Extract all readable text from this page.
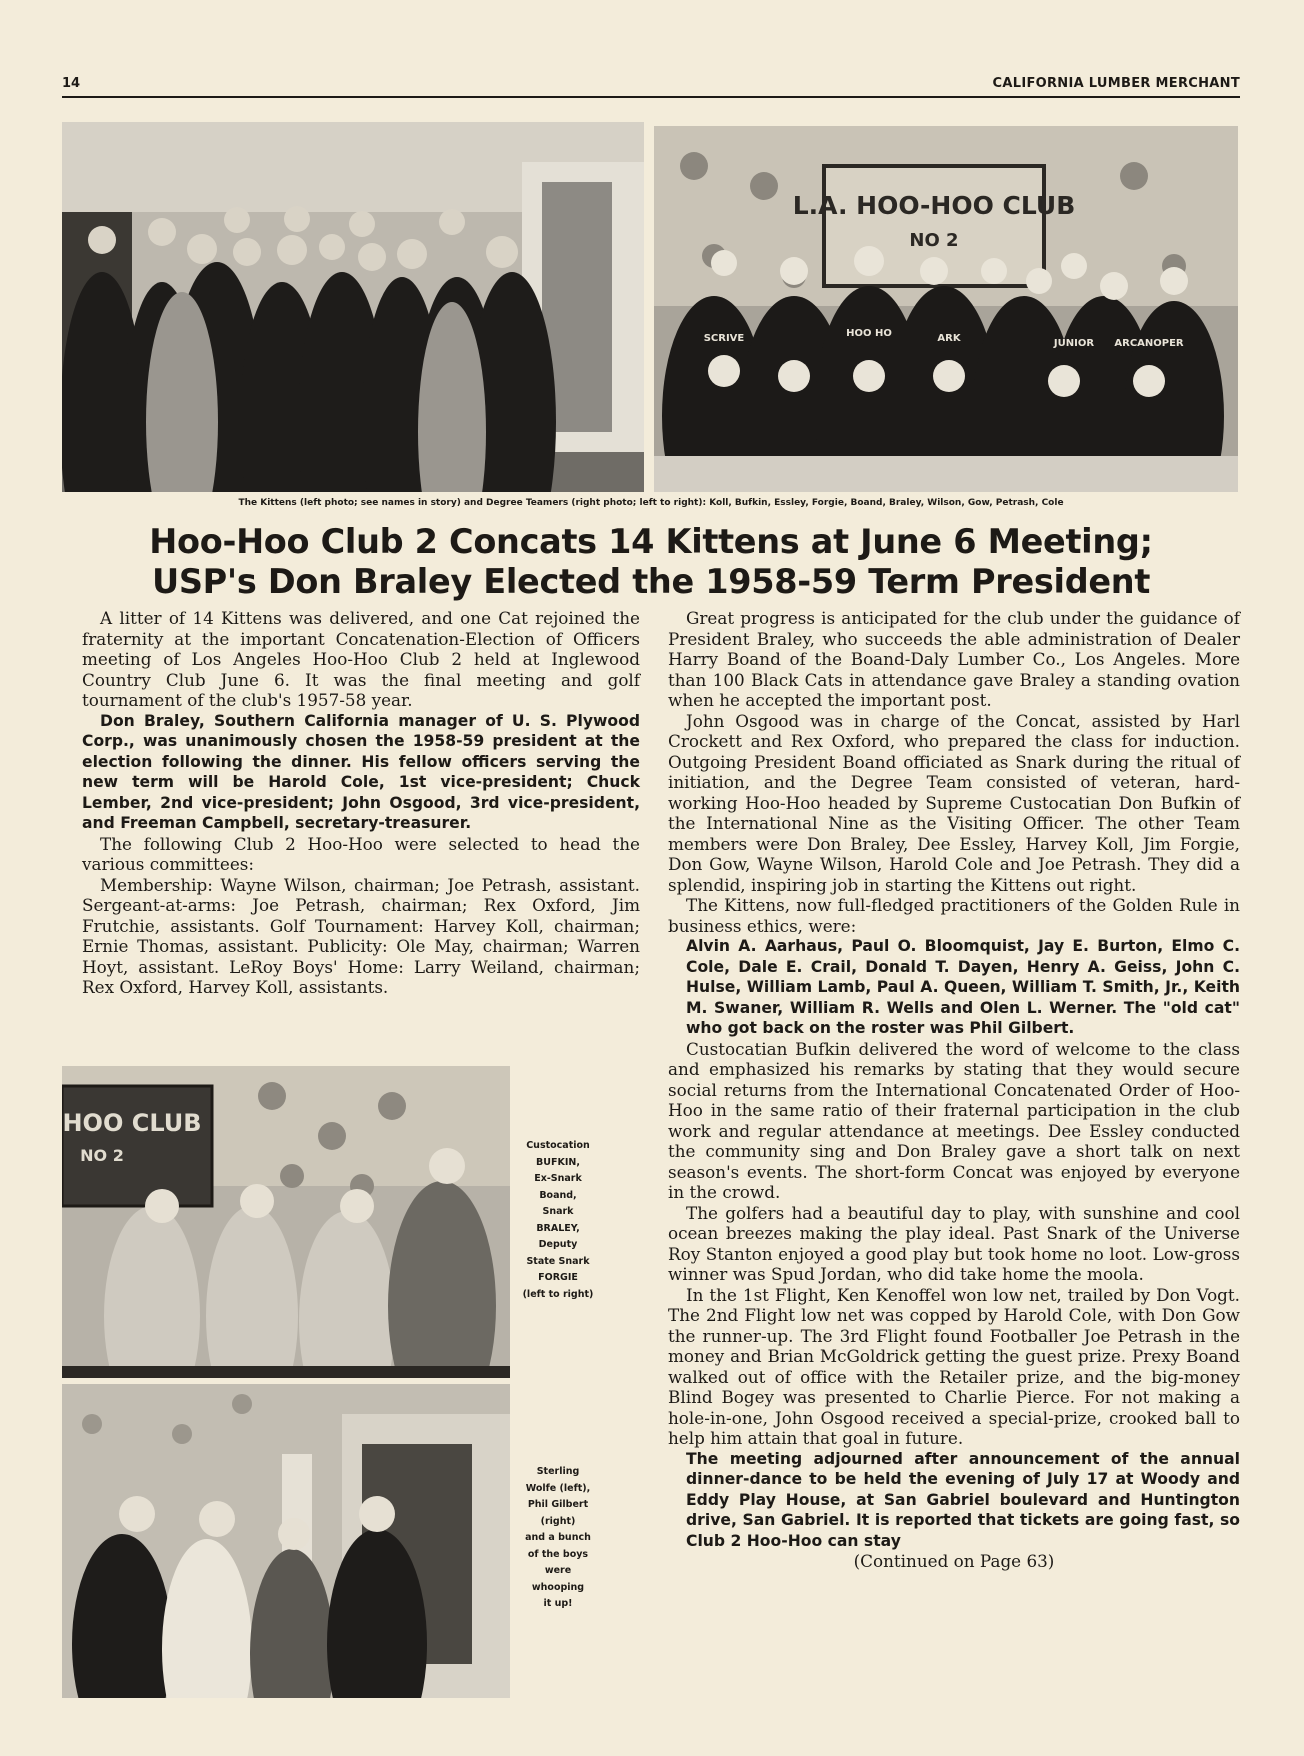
14	CALIFORNIA LUMBER MERCHANT
L.A. HOO-HOO CLUB
NO 2
SCRIVE	HOO HO	ARK	JUNIOR ARCANOPER
The Kittens (left photo; see names in story) and Degree Teamers (right photo; left to right): Koll, Bufkin, Essley, Forgie, Boand, Braley, Wilson, Gow, Petrash, Cole
Hoo-Hoo Club 2 Concats 14 Kittens at June 6 Meeting;
USP's Don Braley Elected the 1958-59 Term President

A litter of 14 Kittens was delivered, and one Cat rejoined the fraternity at the important Concatenation-Election of Officers meeting of Los Angeles Hoo-Hoo Club 2 held at Inglewood Country Club June 6. It was the final meeting and golf tournament of the club's 1957-58 year.

Don Braley, Southern California manager of U. S. Plywood Corp., was unanimously chosen the 1958-59 president at the election following the dinner. His fellow officers serving the new term will be Harold Cole, 1st vice-president; Chuck Lember, 2nd vice-president; John Osgood, 3rd vice-president, and Freeman Campbell, secretary-treasurer.

The following Club 2 Hoo-Hoo were selected to head the various committees:

Membership: Wayne Wilson, chairman; Joe Petrash, assistant. Sergeant-at-arms: Joe Petrash, chairman; Rex Oxford, Jim Frutchie, assistants. Golf Tournament: Harvey Koll, chairman; Ernie Thomas, assistant. Publicity: Ole May, chairman; Warren Hoyt, assistant. LeRoy Boys' Home: Larry Weiland, chairman; Rex Oxford, Harvey Koll, assistants.

HOO CLUB
NO 2
Custocation
BUFKIN,
Ex-Snark
Boand,
Snark
BRALEY,
Deputy
State Snark
FORGIE
(left to right)
Sterling
Wolfe (left),
Phil Gilbert
(right)
and a bunch
of the boys
were
whooping
it up!

Great progress is anticipated for the club under the guidance of President Braley, who succeeds the able administration of Dealer Harry Boand of the Boand-Daly Lumber Co., Los Angeles. More than 100 Black Cats in attendance gave Braley a standing ovation when he accepted the important post.

John Osgood was in charge of the Concat, assisted by Harl Crockett and Rex Oxford, who prepared the class for induction. Outgoing President Boand officiated as Snark during the ritual of initiation, and the Degree Team consisted of veteran, hard-working Hoo-Hoo headed by Supreme Custocatian Don Bufkin of the International Nine as the Visiting Officer. The other Team members were Don Braley, Dee Essley, Harvey Koll, Jim Forgie, Don Gow, Wayne Wilson, Harold Cole and Joe Petrash. They did a splendid, inspiring job in starting the Kittens out right.

The Kittens, now full-fledged practitioners of the Golden Rule in business ethics, were:

Alvin A. Aarhaus, Paul O. Bloomquist, Jay E. Burton, Elmo C. Cole, Dale E. Crail, Donald T. Dayen, Henry A. Geiss, John C. Hulse, William Lamb, Paul A. Queen, William T. Smith, Jr., Keith M. Swaner, William R. Wells and Olen L. Werner. The "old cat" who got back on the roster was Phil Gilbert.

Custocatian Bufkin delivered the word of welcome to the class and emphasized his remarks by stating that they would secure social returns from the International Concatenated Order of Hoo-Hoo in the same ratio of their fraternal participation in the club work and regular attendance at meetings. Dee Essley conducted the community sing and Don Braley gave a short talk on next season's events. The short-form Concat was enjoyed by everyone in the crowd.

The golfers had a beautiful day to play, with sunshine and cool ocean breezes making the play ideal. Past Snark of the Universe Roy Stanton enjoyed a good play but took home no loot. Low-gross winner was Spud Jordan, who did take home the moola.

In the 1st Flight, Ken Kenoffel won low net, trailed by Don Vogt. The 2nd Flight low net was copped by Harold Cole, with Don Gow the runner-up. The 3rd Flight found Footballer Joe Petrash in the money and Brian McGoldrick getting the guest prize. Prexy Boand walked out of office with the Retailer prize, and the big-money Blind Bogey was presented to Charlie Pierce. For not making a hole-in-one, John Osgood received a special-prize, crooked ball to help him attain that goal in future.

The meeting adjourned after announcement of the annual dinner-dance to be held the evening of July 17 at Woody and Eddy Play House, at San Gabriel boulevard and Huntington drive, San Gabriel. It is reported that tickets are going fast, so Club 2 Hoo-Hoo can stay

(Continued on Page 63)
